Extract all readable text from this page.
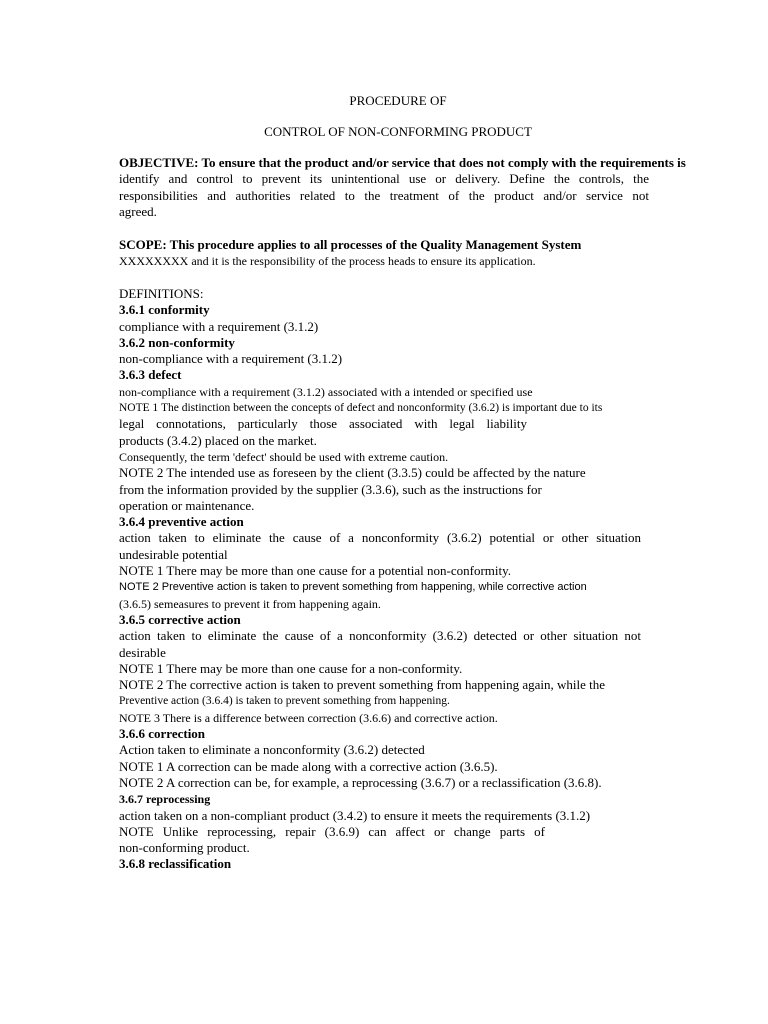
PROCEDURE OF
CONTROL OF NON-CONFORMING PRODUCT
OBJECTIVE: To ensure that the product and/or service that does not comply with the requirements is
identify and control to prevent its unintentional use or delivery. Define the controls, the
responsibilities and authorities related to the treatment of the product and/or service not
agreed.
SCOPE: This procedure applies to all processes of the Quality Management System
XXXXXXXX and it is the responsibility of the process heads to ensure its application.
DEFINITIONS:
3.6.1 conformity
compliance with a requirement (3.1.2)
3.6.2 non-conformity
non-compliance with a requirement (3.1.2)
3.6.3 defect
non-compliance with a requirement (3.1.2) associated with a intended or specified use
NOTE 1 The distinction between the concepts of defect and nonconformity (3.6.2) is important due to its
legal connotations, particularly those associated with legal liability
products (3.4.2) placed on the market.
Consequently, the term 'defect' should be used with extreme caution.
NOTE 2 The intended use as foreseen by the client (3.3.5) could be affected by the nature
from the information provided by the supplier (3.3.6), such as the instructions for
operation or maintenance.
3.6.4 preventive action
action taken to eliminate the cause of a nonconformity (3.6.2) potential or other situation
undesirable potential
NOTE 1 There may be more than one cause for a potential non-conformity.
NOTE 2 Preventive action is taken to prevent something from happening, while corrective action
(3.6.5) semeasures to prevent it from happening again.
3.6.5 corrective action
action taken to eliminate the cause of a nonconformity (3.6.2) detected or other situation not
desirable
NOTE 1 There may be more than one cause for a non-conformity.
NOTE 2 The corrective action is taken to prevent something from happening again, while the
Preventive action (3.6.4) is taken to prevent something from happening.
NOTE 3 There is a difference between correction (3.6.6) and corrective action.
3.6.6 correction
Action taken to eliminate a nonconformity (3.6.2) detected
NOTE 1 A correction can be made along with a corrective action (3.6.5).
NOTE 2 A correction can be, for example, a reprocessing (3.6.7) or a reclassification (3.6.8).
3.6.7 reprocessing
action taken on a non-compliant product (3.4.2) to ensure it meets the requirements (3.1.2)
NOTE Unlike reprocessing, repair (3.6.9) can affect or change parts of
non-conforming product.
3.6.8 reclassification
